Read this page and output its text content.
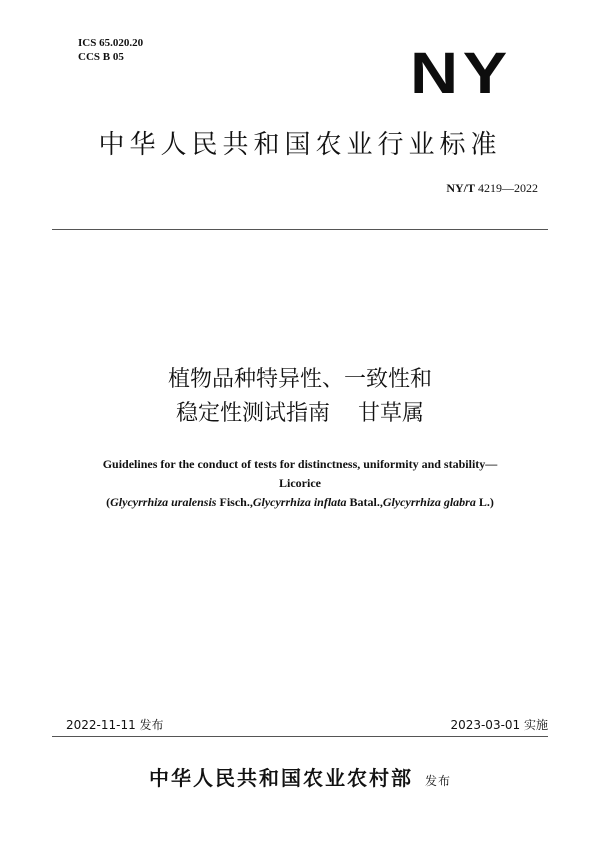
ICS 65.020.20
CCS B 05	NY
中华人民共和国农业行业标准
NY/T 4219—2022
植物品种特异性、一致性和
稳定性测试指南    甘草属
Guidelines for the conduct of tests for distinctness, uniformity and stability—
Licorice
(Glycyrrhiza uralensis Fisch.,Glycyrrhiza inflata Batal.,Glycyrrhiza glabra L.)
2022-11-11 发布	2023-03-01 实施
中华人民共和国农业农村部 发布
